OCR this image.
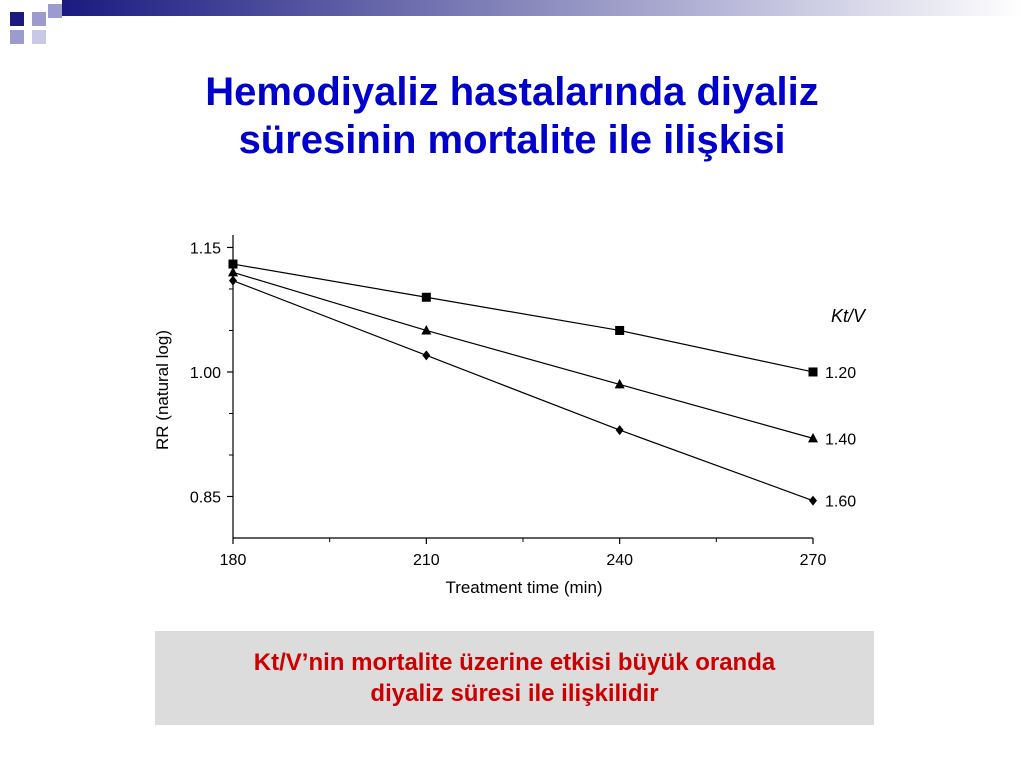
Hemodiyaliz hastalarında diyaliz
süresinin mortalite ile ilişkisi
1.15
1.00
0.85
180	210	240	270
1.20
1.40
1.60
Treatment time (min)
RR (natural log)
Kt/V
Kt/V’nin mortalite üzerine etkisi büyük oranda
diyaliz süresi ile ilişkilidir
